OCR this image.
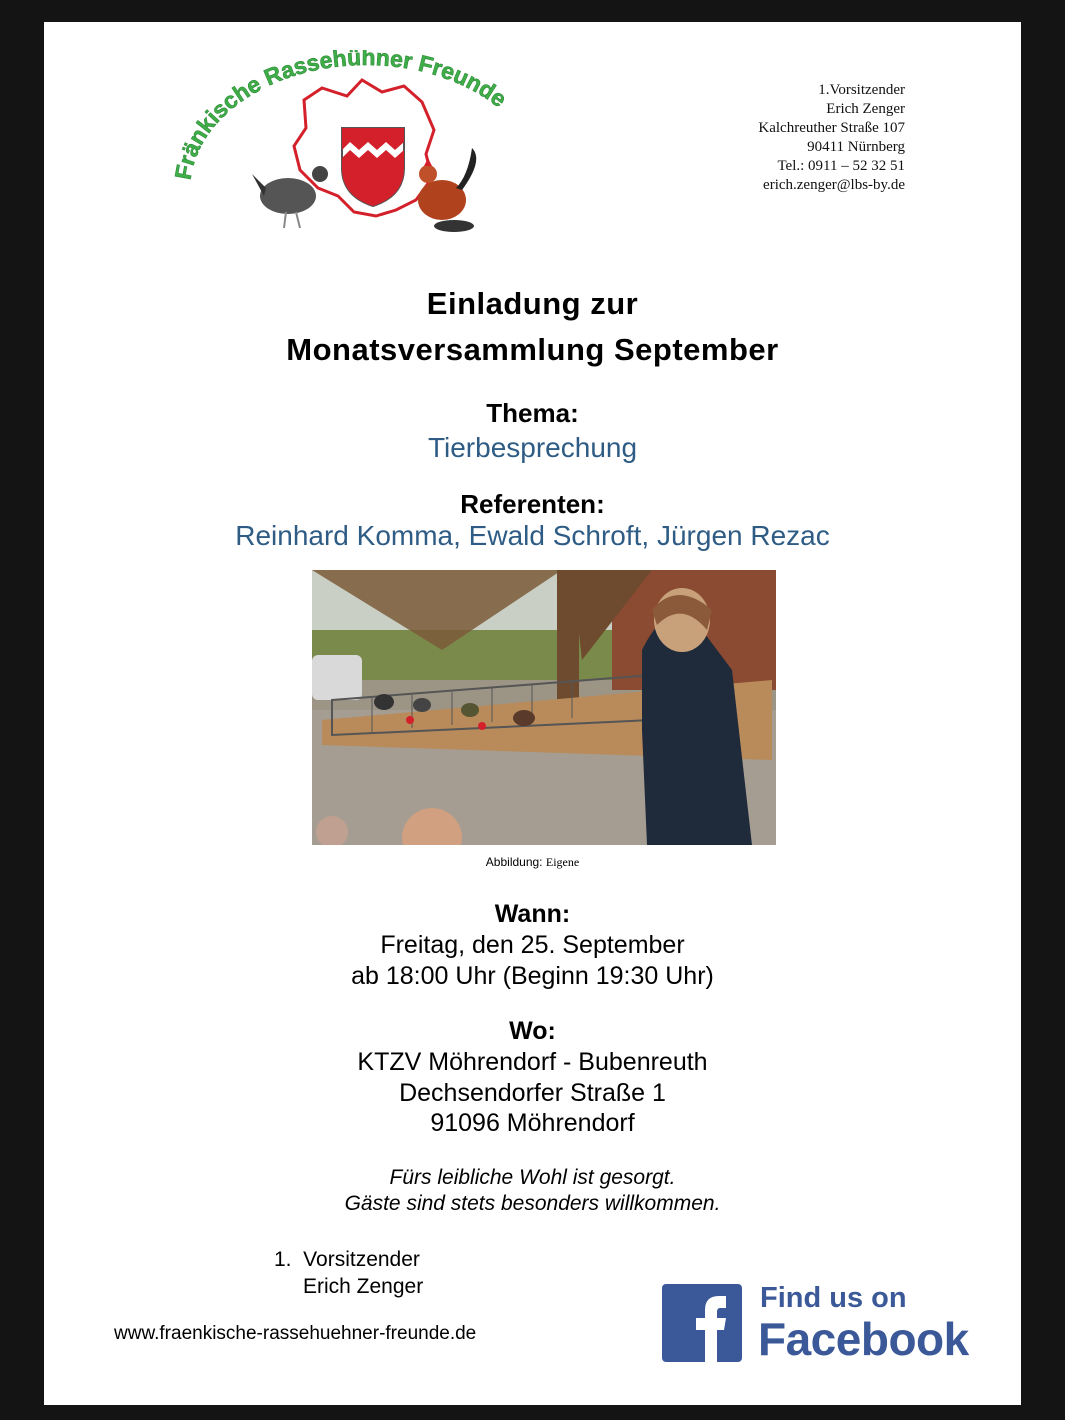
Fränkische Rassehühner Freunde	1.Vorsitzender
Erich Zenger
Kalchreuther Straße 107
90411 Nürnberg
Tel.: 0911 – 52 32 51
erich.zenger@lbs-by.de
Einladung zur
Monatsversammlung September
Thema:
Tierbesprechung
Referenten:
Reinhard Komma, Ewald Schroft, Jürgen Rezac
Abbildung: Eigene
Wann:
Freitag, den 25. September
ab 18:00 Uhr (Beginn 19:30 Uhr)
Wo:
KTZV Möhrendorf - Bubenreuth
Dechsendorfer Straße 1
91096 Möhrendorf
Fürs leibliche Wohl ist gesorgt.
Gäste sind stets besonders willkommen.
1.  Vorsitzender
Erich Zenger
www.fraenkische-rassehuehner-freunde.de
Find us on
Facebook
